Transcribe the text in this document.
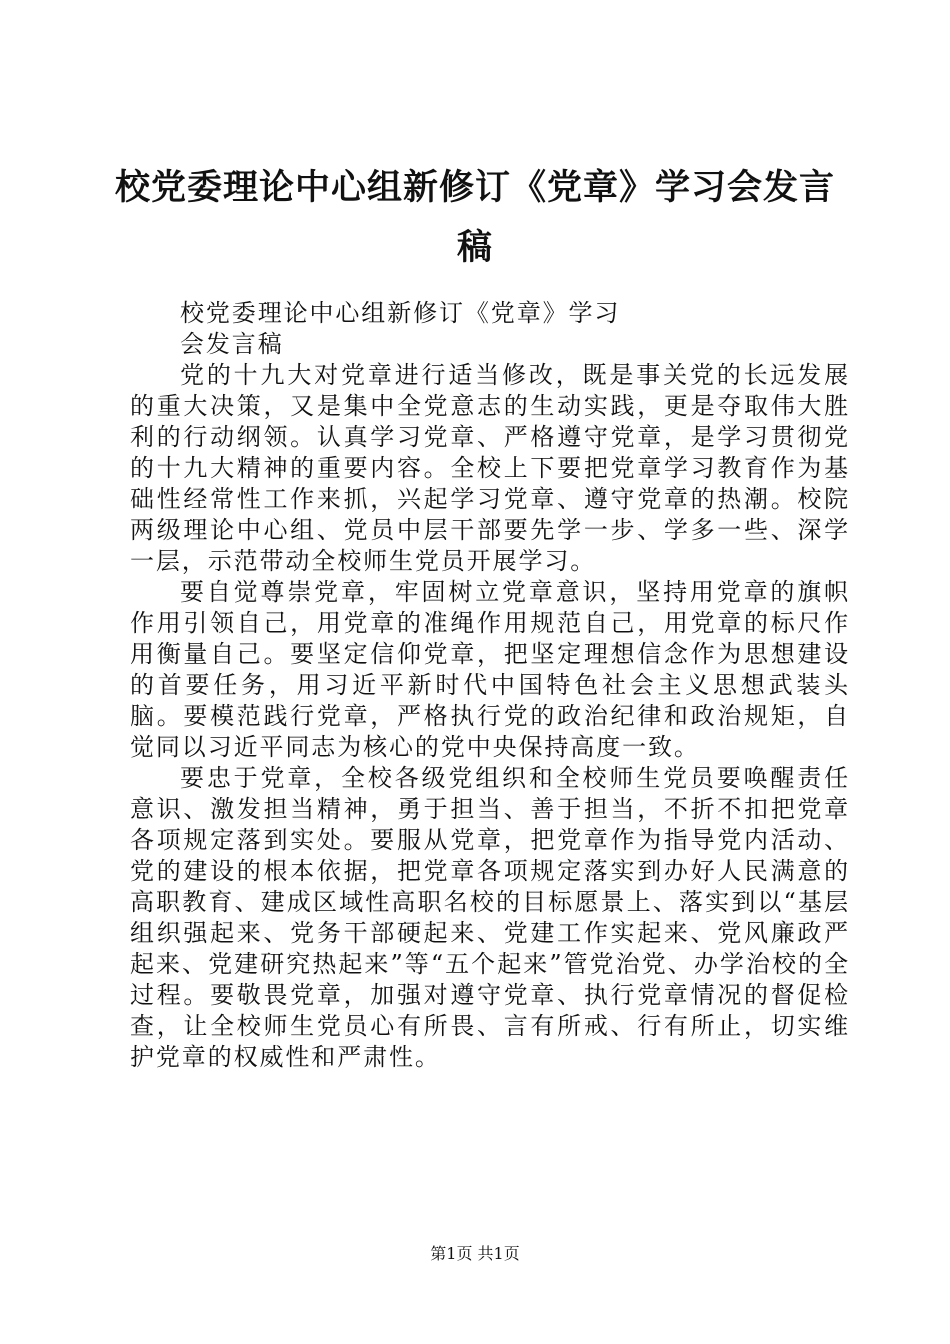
校党委理论中心组新修订《党章》学习会发言稿

校党委理论中心组新修订《党章》学习

会发言稿

党的十九大对党章进行适当修改，既是事关党的长远发展的重大决策，又是集中全党意志的生动实践，更是夺取伟大胜利的行动纲领。认真学习党章、严格遵守党章，是学习贯彻党的十九大精神的重要内容。全校上下要把党章学习教育作为基础性经常性工作来抓，兴起学习党章、遵守党章的热潮。校院两级理论中心组、党员中层干部要先学一步、学多一些、深学一层，示范带动全校师生党员开展学习。

要自觉尊崇党章，牢固树立党章意识，坚持用党章的旗帜作用引领自己，用党章的准绳作用规范自己，用党章的标尺作用衡量自己。要坚定信仰党章，把坚定理想信念作为思想建设的首要任务，用习近平新时代中国特色社会主义思想武装头脑。要模范践行党章，严格执行党的政治纪律和政治规矩，自觉同以习近平同志为核心的党中央保持高度一致。

要忠于党章，全校各级党组织和全校师生党员要唤醒责任意识、激发担当精神，勇于担当、善于担当，不折不扣把党章各项规定落到实处。要服从党章，把党章作为指导党内活动、党的建设的根本依据，把党章各项规定落实到办好人民满意的高职教育、建成区域性高职名校的目标愿景上、落实到以“基层组织强起来、党务干部硬起来、党建工作实起来、党风廉政严起来、党建研究热起来”等“五个起来”管党治党、办学治校的全过程。要敬畏党章，加强对遵守党章、执行党章情况的督促检查，让全校师生党员心有所畏、言有所戒、行有所止，切实维护党章的权威性和严肃性。

第1页 共1页
